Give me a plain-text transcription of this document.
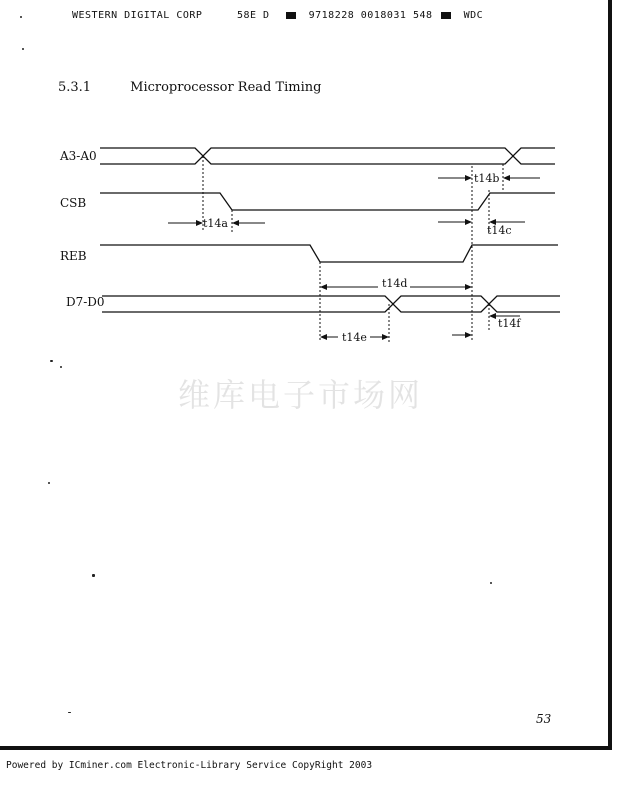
WESTERN DIGITAL CORP	58E D	9718228 0018031 548	WDC
5.3.1	Microprocessor Read Timing
A3-A0
CSB
REB
D7-D0
t14a
t14b
t14c
t14d
t14e
t14f
维库电子市场网
53
Powered by ICminer.com Electronic-Library Service CopyRight 2003
